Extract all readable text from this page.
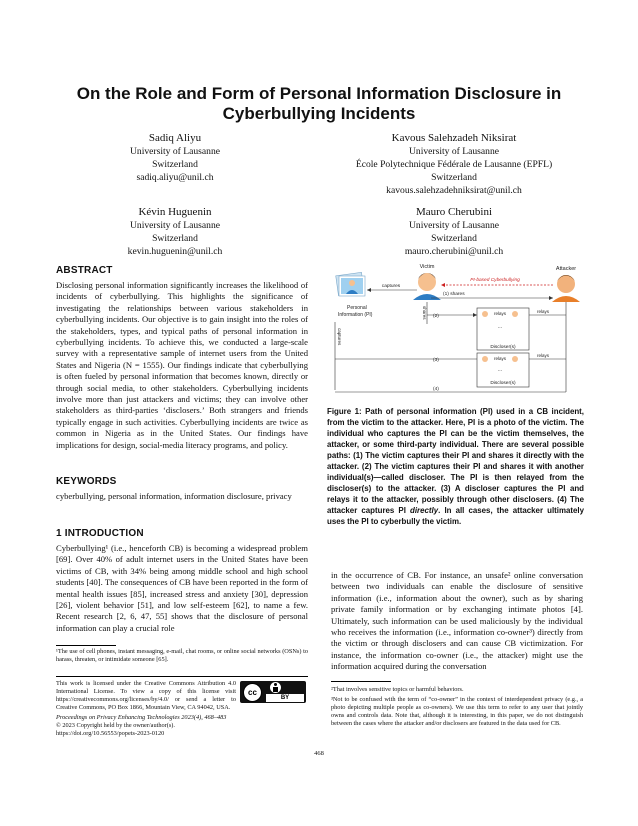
On the Role and Form of Personal Information Disclosure in Cyberbullying Incidents
Sadiq Aliyu
University of Lausanne
Switzerland
sadiq.aliyu@unil.ch
Kavous Salehzadeh Niksirat
University of Lausanne
École Polytechnique Fédérale de Lausanne (EPFL)
Switzerland
kavous.salehzadehniksirat@unil.ch
Kévin Huguenin
University of Lausanne
Switzerland
kevin.huguenin@unil.ch
Mauro Cherubini
University of Lausanne
Switzerland
mauro.cherubini@unil.ch
ABSTRACT

Disclosing personal information significantly increases the likelihood of incidents of cyberbullying. This highlights the significance of investigating the relationships between various stakeholders in cyberbullying incidents. Our objective is to gain insight into the roles of the stakeholders, types, and typical paths of personal information in cyberbullying incidents. To achieve this, we conducted a large-scale survey with a representative sample of internet users from the United States and Nigeria (N = 1555). Our findings indicate that cyberbullying is often fueled by personal information that becomes known, directly or through social media, to other stakeholders. Cyberbullying incidents involve more than just attackers and victims; they can involve other stakeholders as third-parties ‘disclosers.’ Both strangers and friends typically engage in such activities. Cyberbullying incidents are twice as common in Nigeria as in the United States. Our findings have implications for design, social-media literacy programs, and policy.

KEYWORDS
cyberbullying, personal information, information disclosure, privacy
1 INTRODUCTION

Cyberbullying¹ (i.e., henceforth CB) is becoming a widespread problem [69]. Over 40% of adult internet users in the United States have been victims of CB, with 34% being among middle school and high school students [40]. The consequences of CB have been reported in the form of mental health issues [85], increased stress and anxiety [30], depression [26], violent behavior [51], and low self-esteem [62], to name a few. Recent research [2, 6, 47, 55] shows that the disclosure of personal information can play a crucial role

¹The use of cell phones, instant messaging, e-mail, chat rooms, or online social networks (OSNs) to harass, threaten, or intimidate someone [65].
This work is licensed under the Creative Commons Attribution 4.0 International License. To view a copy of this license visit https://creativecommons.org/licenses/by/4.0/ or send a letter to Creative Commons, PO Box 1866, Mountain View, CA 94042, USA.
cc
BY
Proceedings on Privacy Enhancing Technologies 2023(4), 468–483
© 2023 Copyright held by the owner/author(s).
https://doi.org/10.56553/popets-2023-0120
Victim	Attacker
PI-based Cyberbullying
Personal
Information (PI)
captures
shares
(1) shares
(2)
relays
...
Discloser(s)
relays
captures
(3)	relays
...
Discloser(s)
relays
(4)
Figure 1: Path of personal information (PI) used in a CB incident, from the victim to the attacker. Here, PI is a photo of the victim. The individual who captures the PI can be the victim themselves, the attacker, or some third-party individual. There are several possible paths: (1) The victim captures their PI and shares it directly with the attacker. (2) The victim captures their PI and shares it with another individual(s)—called discloser. The PI is then relayed from the discloser(s) to the attacker. (3) A discloser captures the PI and relays it to the attacker, possibly through other disclosers. (4) The attacker captures PI directly. In all cases, the attacker ultimately uses the PI to cyberbully the victim.

in the occurrence of CB. For instance, an unsafe² online conversation between two individuals can enable the disclosure of sensitive information (i.e., information about the owner), such as by sharing private family information or by exchanging intimate photos [4]. Ultimately, such information can be used maliciously by the individual who receives the information (i.e., information co-owner³) directly from the victim or through disclosers and can cause CB victimization. For instance, the information co-owner (i.e., the attacker) might use the information acquired during the conversation

²That involves sensitive topics or harmful behaviors.
³Not to be confused with the term of “co-owner” in the context of interdependent privacy (e.g., a photo depicting multiple people as co-owners). We use this term to refer to any user that jointly owns and controls data. Note that, although it is interesting, in this paper, we do not distinguish between the cases where the attacker and/or disclosers are featured in the data used for CB.
468
